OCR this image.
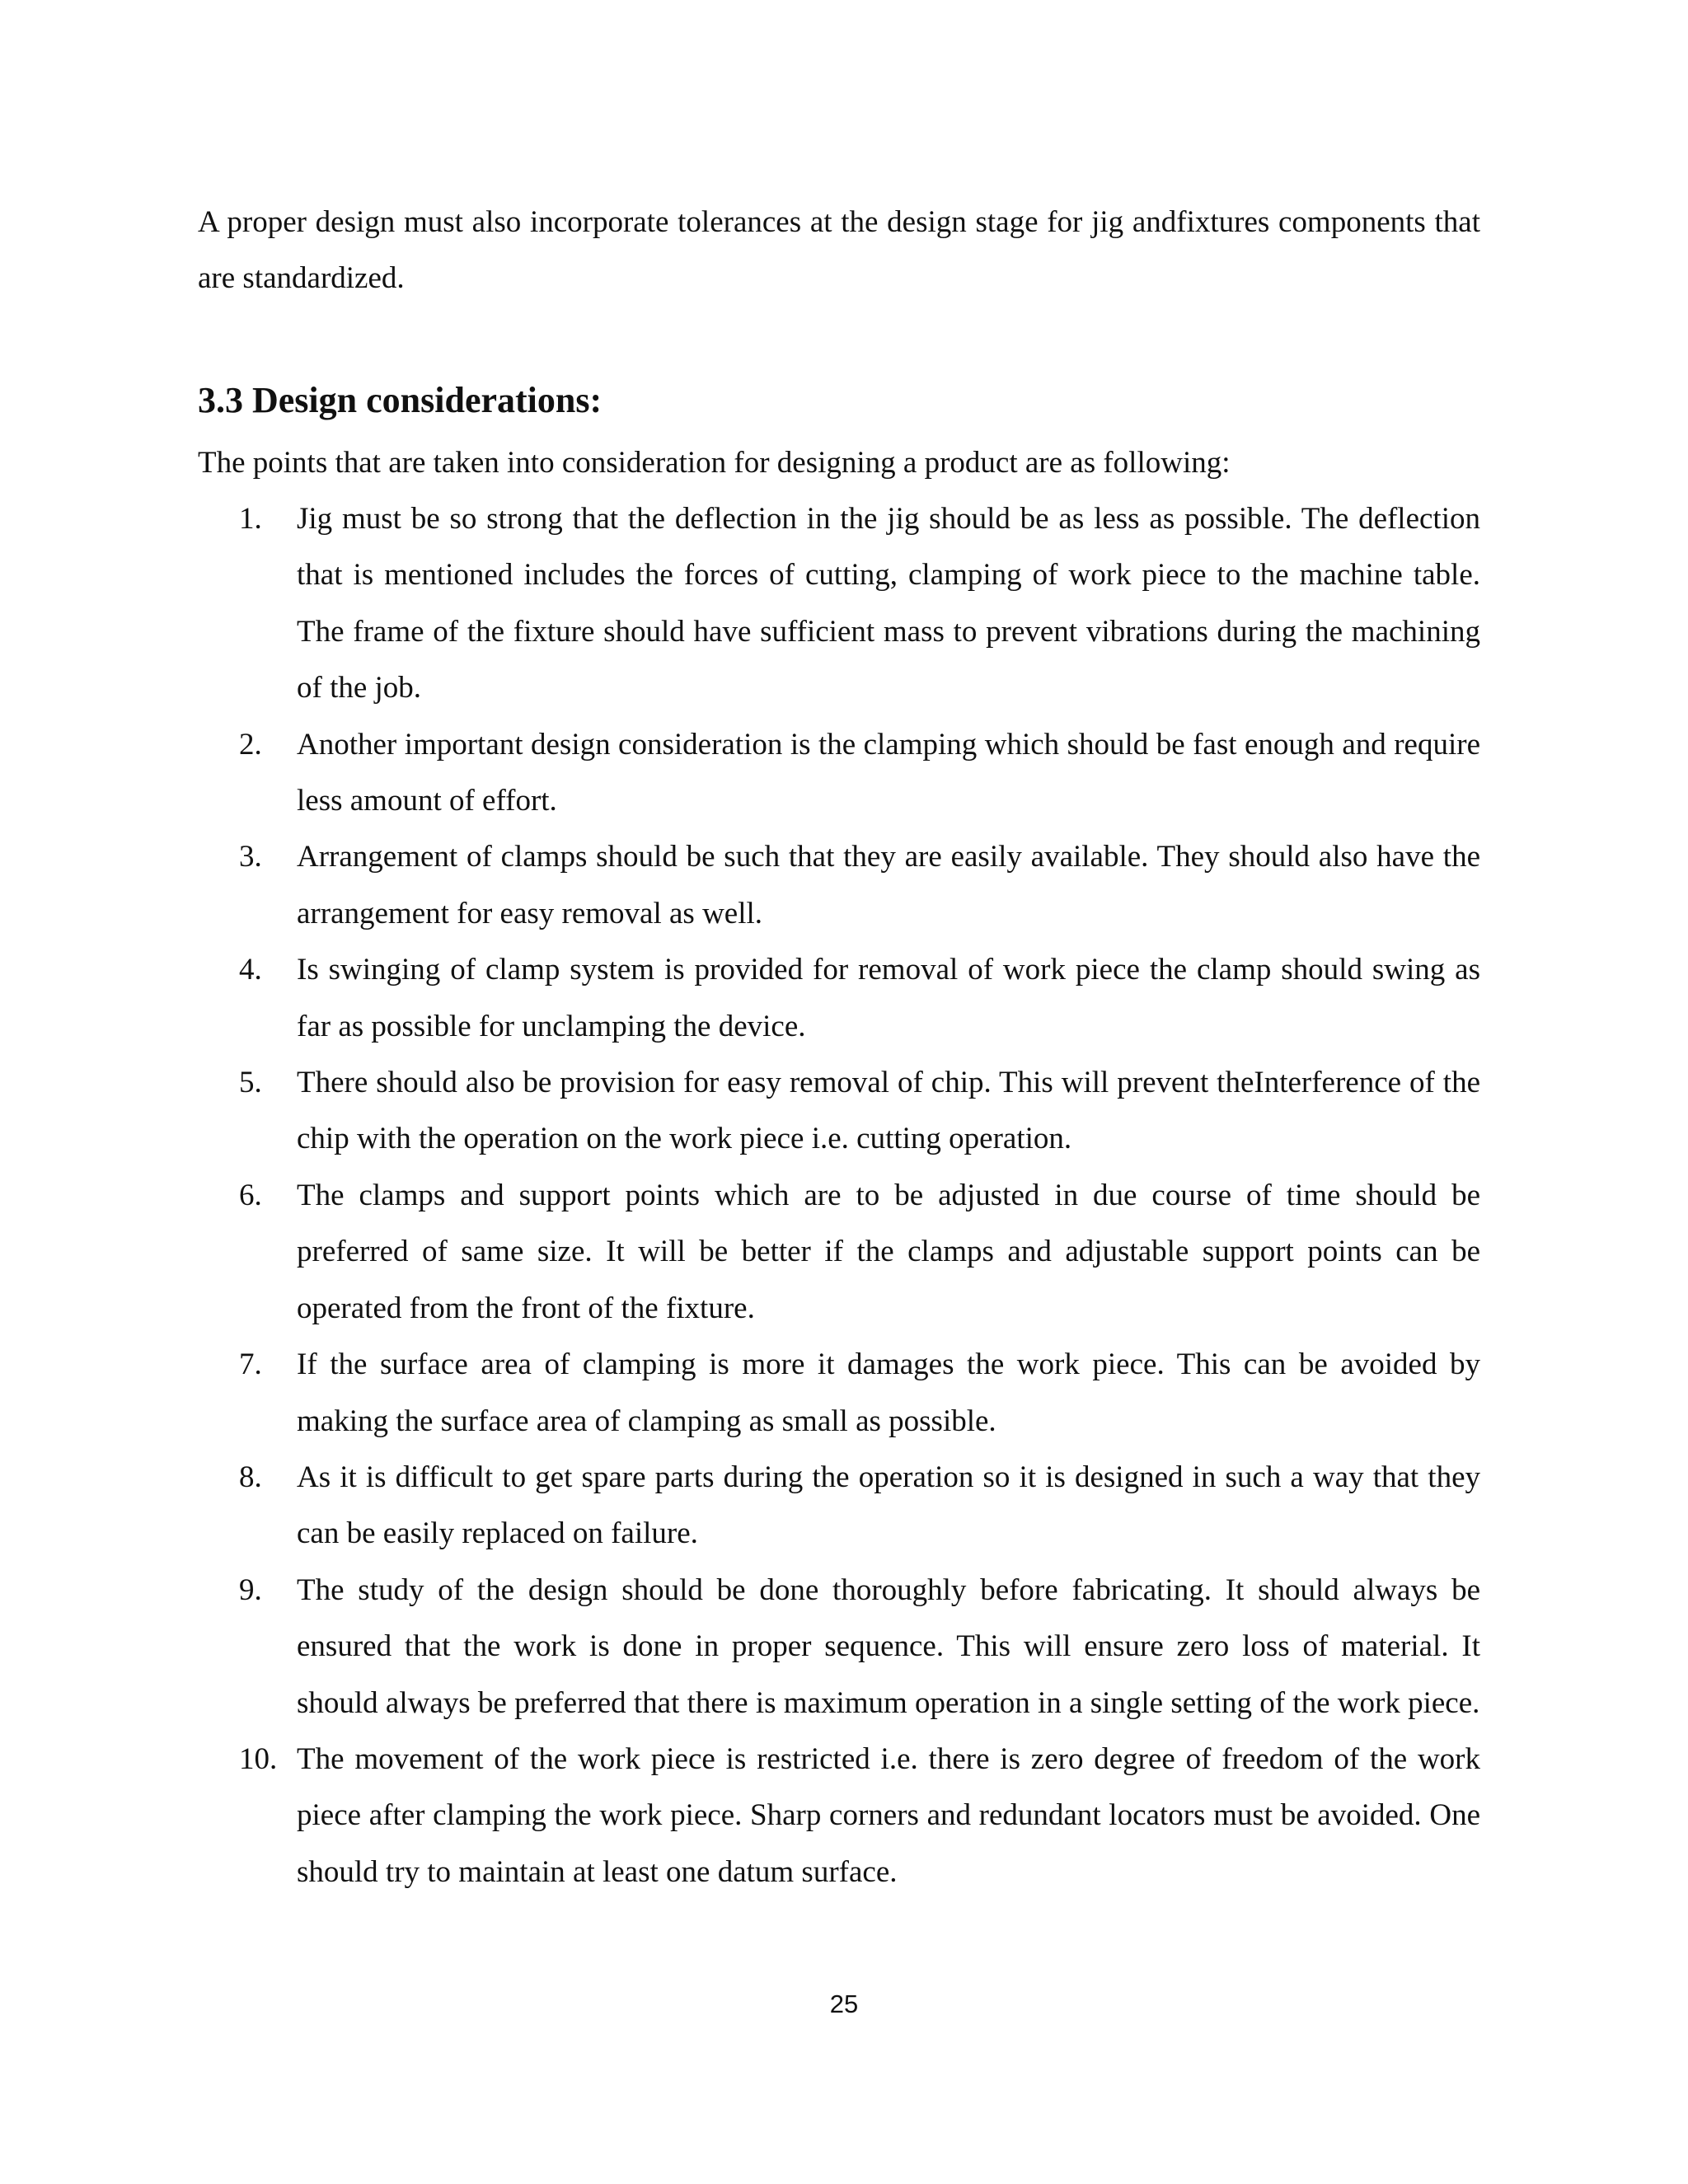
A proper design must also incorporate tolerances at the design stage for jig andfixtures components that are standardized.

3.3 Design considerations:

The points that are taken into consideration for designing a product are as following:

1.	Jig must be so strong that the deflection in the jig should be as less as possible. The deflection that is mentioned includes the forces of cutting, clamping of work piece to the machine table. The frame of the fixture should have sufficient mass to prevent vibrations during the machining of the job.
2.	Another important design consideration is the clamping which should be fast enough and require less amount of effort.
3.	Arrangement of clamps should be such that they are easily available. They should also have the arrangement for easy removal as well.
4.	Is swinging of clamp system is provided for removal of work piece the clamp should swing as far as possible for unclamping the device.
5.	There should also be provision for easy removal of chip. This will prevent theInterference of the chip with the operation on the work piece i.e. cutting operation.
6.	The clamps and support points which are to be adjusted in due course of time should be preferred of same size. It will be better if the clamps and adjustable support points can be operated from the front of the fixture.
7.	If the surface area of clamping is more it damages the work piece. This can be avoided by making the surface area of clamping as small as possible.
8.	As it is difficult to get spare parts during the operation so it is designed in such a way that they can be easily replaced on failure.
9.	The study of the design should be done thoroughly before fabricating. It should always be ensured that the work is done in proper sequence. This will ensure zero loss of material. It should always be preferred that there is maximum operation in a single setting of the work piece.
10. The movement of the work piece is restricted i.e. there is zero degree of freedom of the work piece after clamping the work piece. Sharp corners and redundant locators must be avoided. One should try to maintain at least one datum surface.

25
